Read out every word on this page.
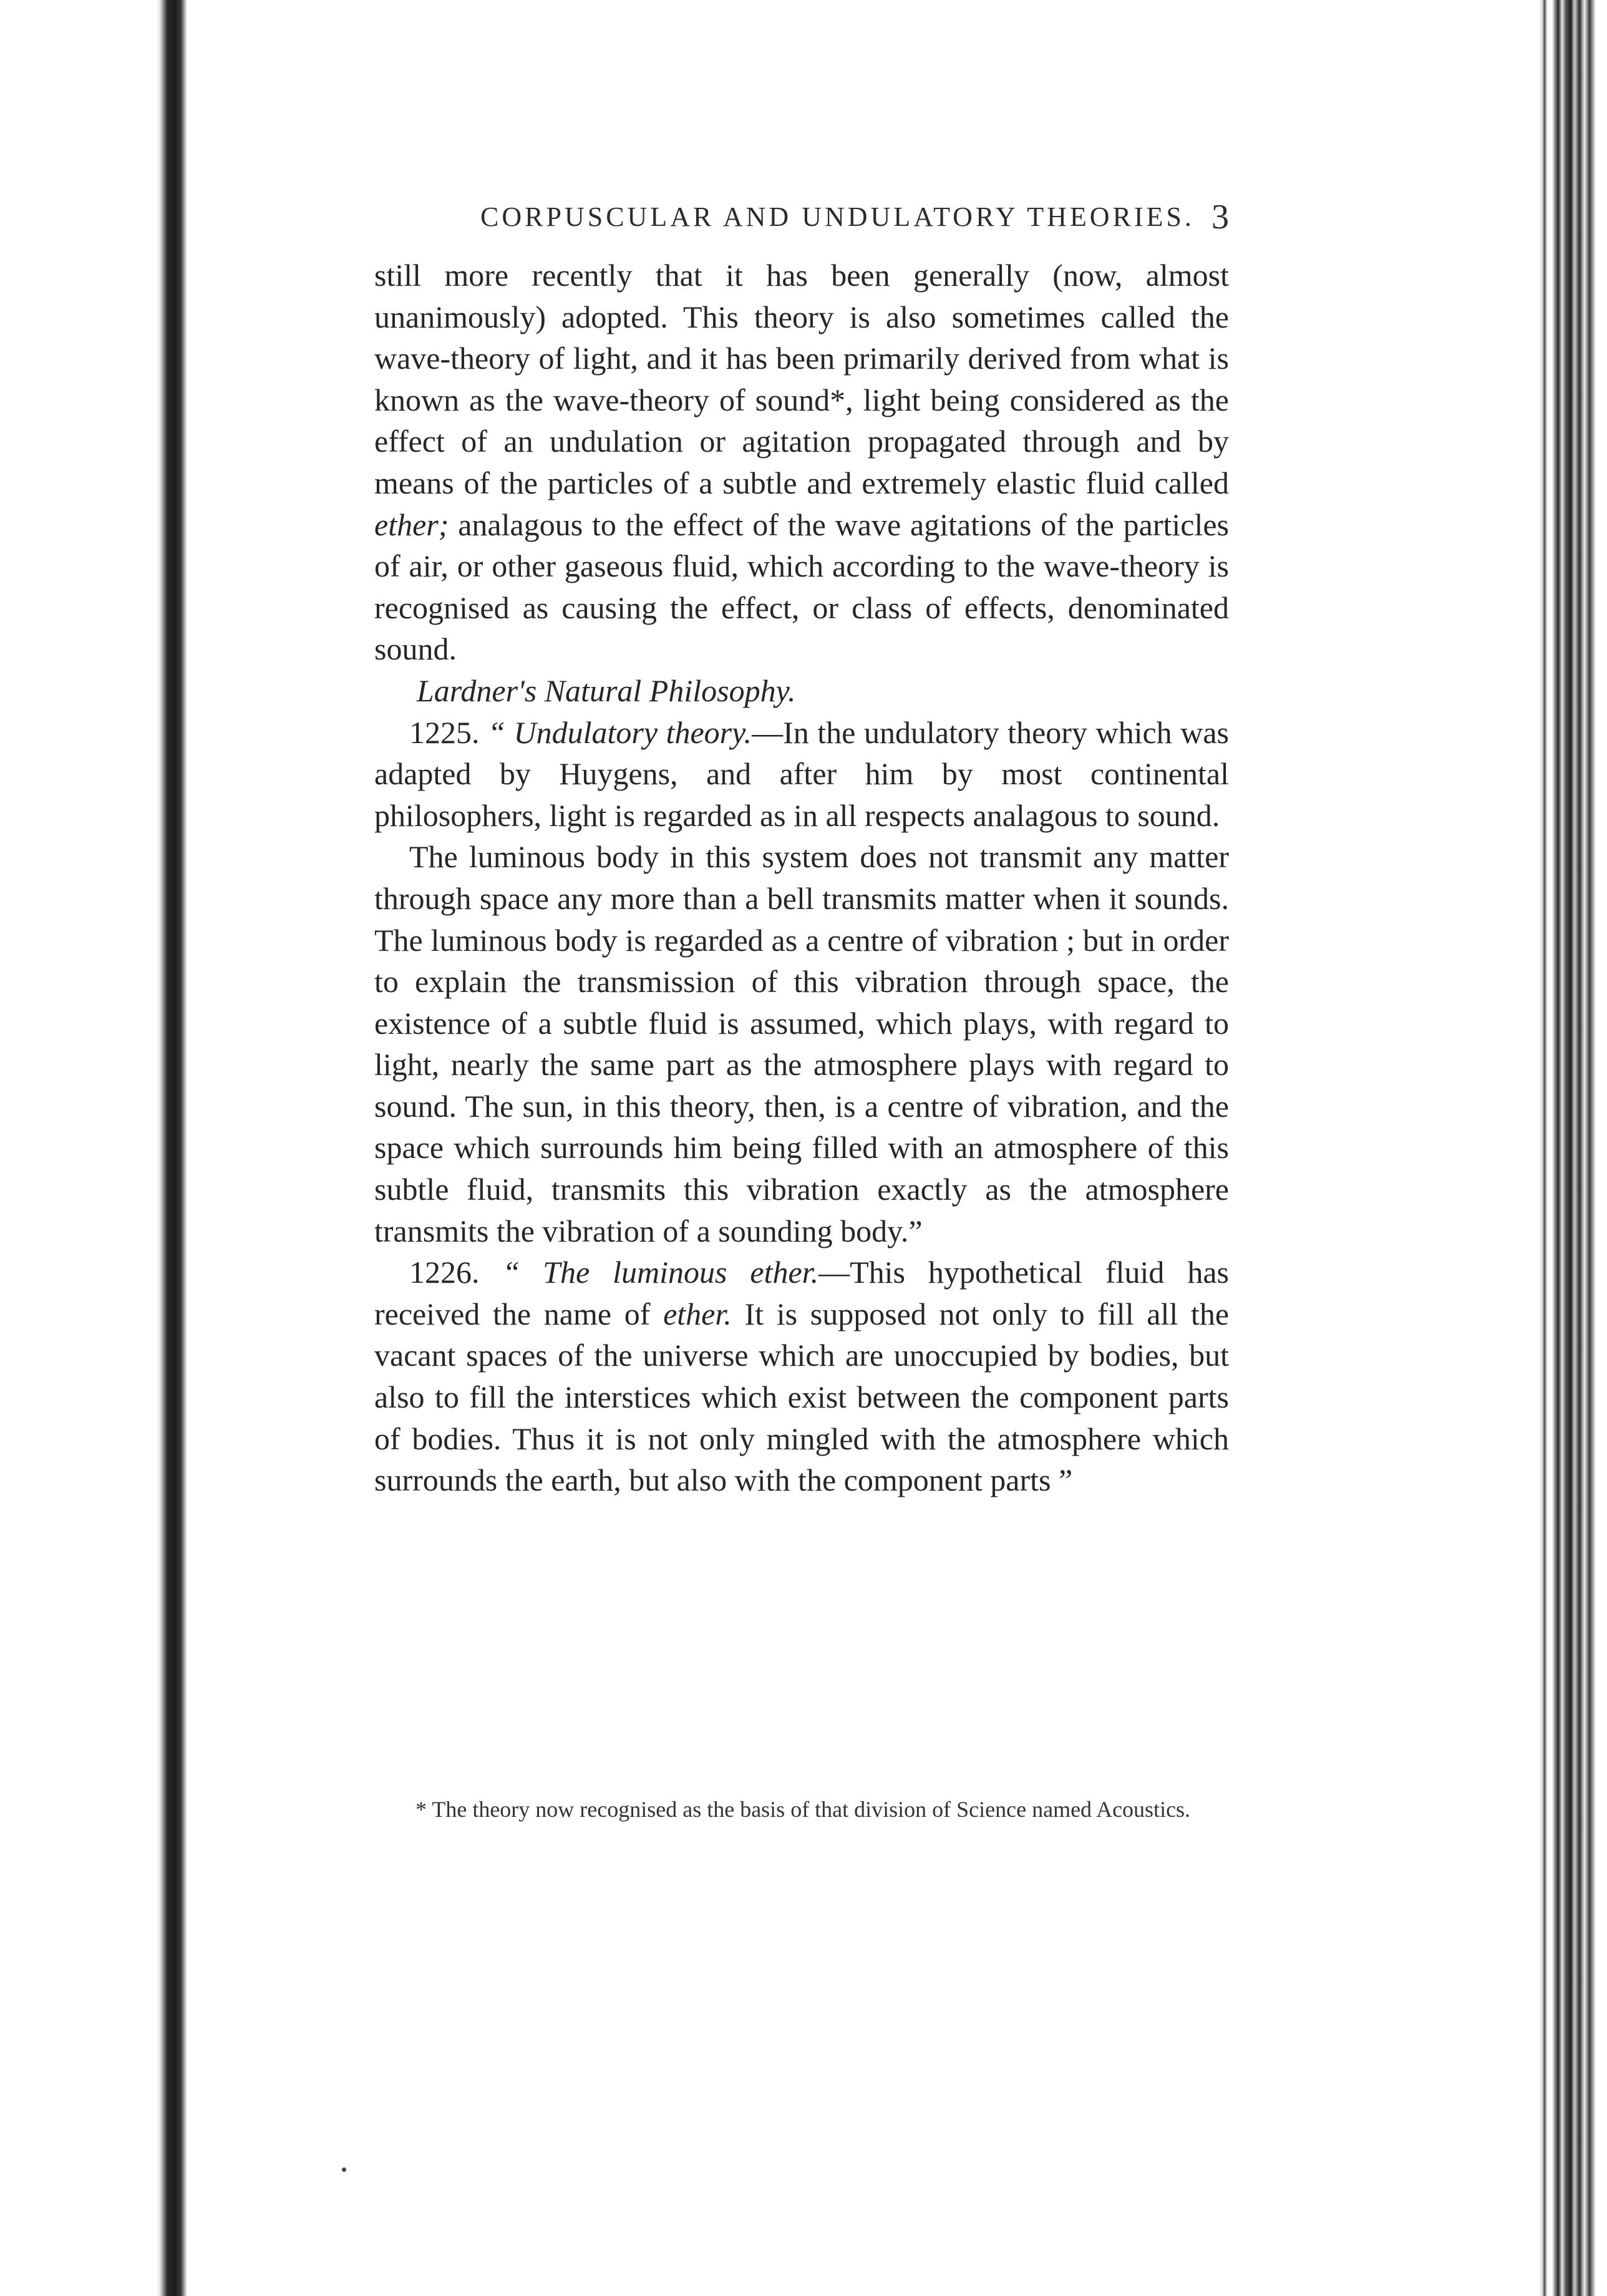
CORPUSCULAR AND UNDULATORY THEORIES. 3

still more recently that it has been generally (now, almost unanimously) adopted. This theory is also sometimes called the wave-theory of light, and it has been primarily derived from what is known as the wave-theory of sound*, light being considered as the effect of an undulation or agitation propagated through and by means of the particles of a subtle and extremely elastic fluid called ether; analagous to the effect of the wave agitations of the particles of air, or other gaseous fluid, which according to the wave-theory is recognised as causing the effect, or class of effects, denominated sound.

Lardner's Natural Philosophy.

1225. “ Undulatory theory.—In the undulatory theory which was adapted by Huygens, and after him by most continental philosophers, light is regarded as in all respects analagous to sound.

The luminous body in this system does not transmit any matter through space any more than a bell transmits matter when it sounds. The luminous body is regarded as a centre of vibration ; but in order to explain the transmission of this vibration through space, the existence of a subtle fluid is assumed, which plays, with regard to light, nearly the same part as the atmosphere plays with regard to sound. The sun, in this theory, then, is a centre of vibration, and the space which surrounds him being filled with an atmosphere of this subtle fluid, transmits this vibration exactly as the atmosphere transmits the vibration of a sounding body.”

1226. “ The luminous ether.—This hypothetical fluid has received the name of ether. It is supposed not only to fill all the vacant spaces of the universe which are unoccupied by bodies, but also to fill the interstices which exist between the component parts of bodies. Thus it is not only mingled with the atmosphere which surrounds the earth, but also with the component parts ”

* The theory now recognised as the basis of that division of Science named Acoustics.
